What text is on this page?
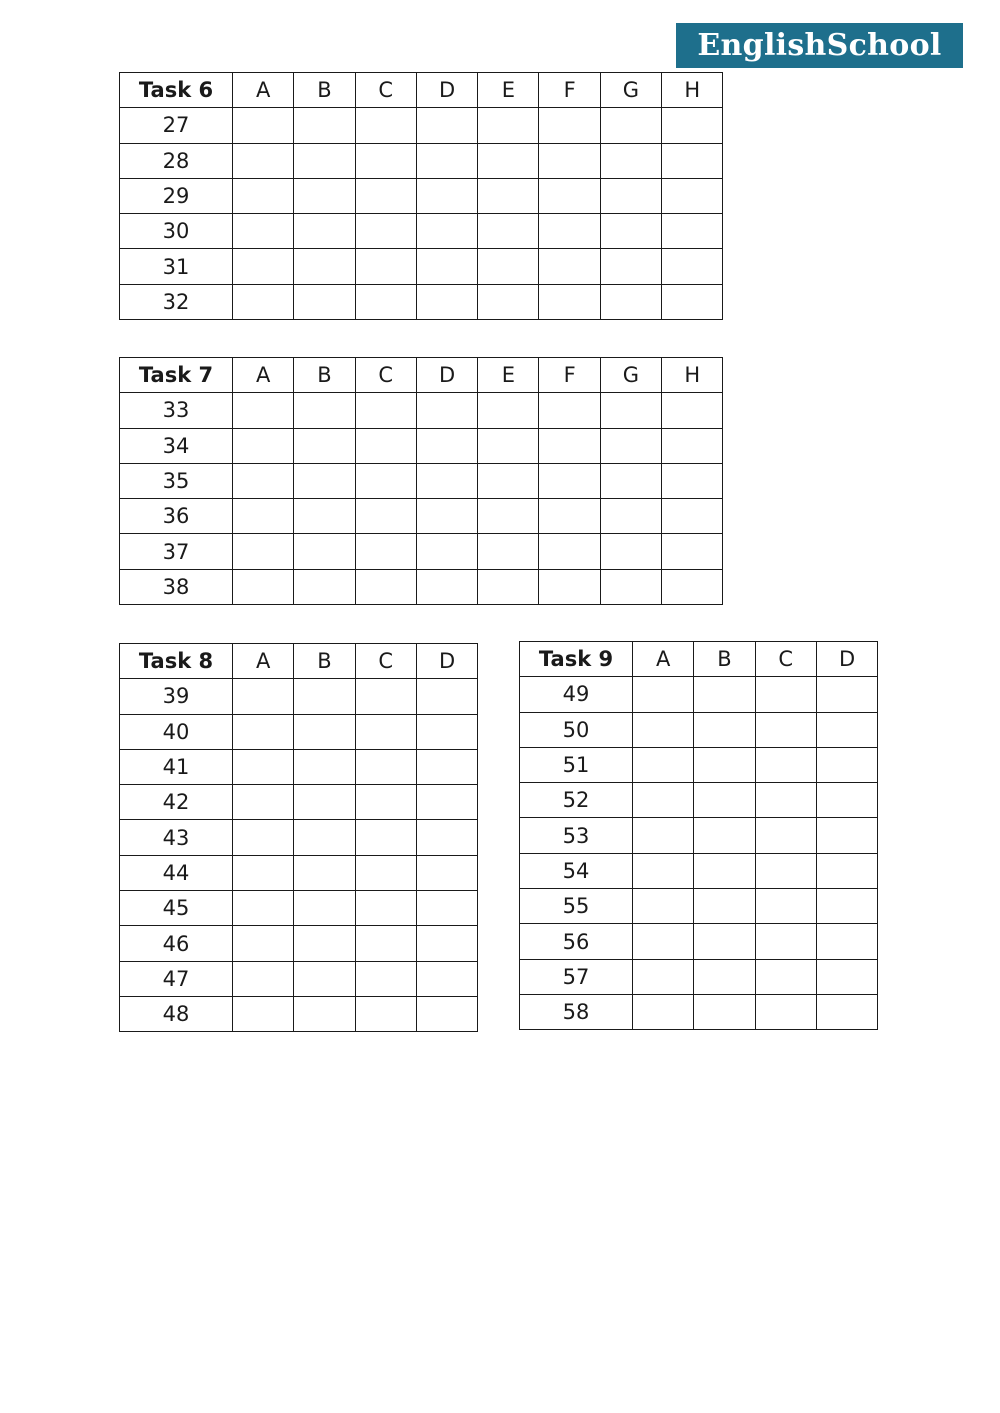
EnglishSchool
Task 6	A	B	C	D	E	F	G	H
27								
28								
29								
30								
31								
32								
Task 7	A	B	C	D	E	F	G	H
33								
34								
35								
36								
37								
38								
Task 8	A	B	C	D
39				
40				
41				
42				
43				
44				
45				
46				
47				
48				
Task 9	A	B	C	D
49				
50				
51				
52				
53				
54				
55				
56				
57				
58				
